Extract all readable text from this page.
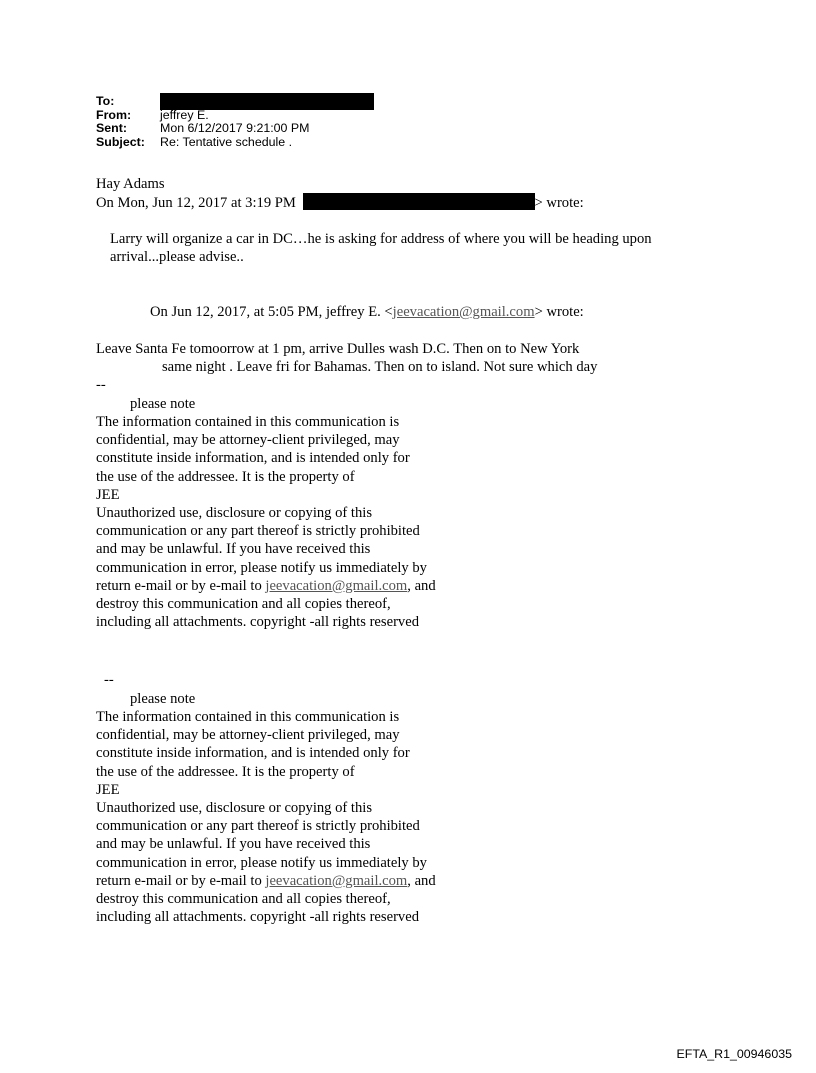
To:
From:	jeffrey E.
Sent:	Mon 6/12/2017 9:21:00 PM
Subject:	Re: Tentative schedule .
Hay Adams
On Mon, Jun 12, 2017 at 3:19 PM	> wrote:
Larry will organize a car in DC…he is asking for address of where you will be heading upon
arrival...please advise..
On Jun 12, 2017, at 5:05 PM, jeffrey E. <jeevacation@gmail.com> wrote:
Leave Santa Fe tomoorrow at 1 pm, arrive Dulles wash D.C. Then on to New York
same night . Leave fri for Bahamas. Then on to island. Not sure which day
--
please note
The information contained in this communication is
confidential, may be attorney-client privileged, may
constitute inside information, and is intended only for
the use of the addressee. It is the property of
JEE
Unauthorized use, disclosure or copying of this
communication or any part thereof is strictly prohibited
and may be unlawful. If you have received this
communication in error, please notify us immediately by
return e-mail or by e-mail to jeevacation@gmail.com, and
destroy this communication and all copies thereof,
including all attachments. copyright -all rights reserved
--
please note
The information contained in this communication is
confidential, may be attorney-client privileged, may
constitute inside information, and is intended only for
the use of the addressee. It is the property of
JEE
Unauthorized use, disclosure or copying of this
communication or any part thereof is strictly prohibited
and may be unlawful. If you have received this
communication in error, please notify us immediately by
return e-mail or by e-mail to jeevacation@gmail.com, and
destroy this communication and all copies thereof,
including all attachments. copyright -all rights reserved
EFTA_R1_00946035
